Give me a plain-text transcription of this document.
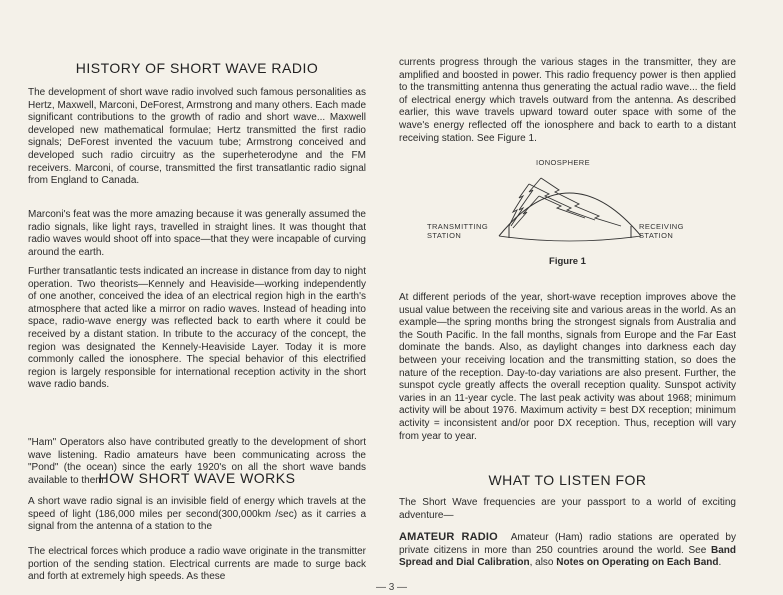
HISTORY OF SHORT WAVE RADIO

The development of short wave radio involved such famous personalities as Hertz, Maxwell, Marconi, DeForest, Armstrong and many others. Each made significant contributions to the growth of radio and short wave... Maxwell developed new mathematical formulae; Hertz transmitted the first radio signals; DeForest invented the vacuum tube; Armstrong conceived and developed such radio circuitry as the superheterodyne and the FM receivers. Marconi, of course, transmitted the first transatlantic radio signal from England to Canada.

Marconi's feat was the more amazing because it was generally assumed the radio signals, like light rays, travelled in straight lines. It was thought that radio waves would shoot off into space—that they were incapable of curving around the earth.

Further transatlantic tests indicated an increase in distance from day to night operation. Two theorists—Kennely and Heaviside—working independently of one another, conceived the idea of an electrical region high in the earth's atmosphere that acted like a mirror on radio waves. Instead of heading into space, radio-wave energy was reflected back to earth where it could be received by a distant station. In tribute to the accuracy of the concept, the region was designated the Kennely-Heaviside Layer. Today it is more commonly called the ionosphere. The special behavior of this electrified region is largely responsible for international reception activity in the short wave radio bands.

"Ham" Operators also have contributed greatly to the development of short wave listening. Radio amateurs have been communicating across the "Pond" (the ocean) since the early 1920's on all the short wave bands available to them.

HOW SHORT WAVE WORKS

A short wave radio signal is an invisible field of energy which travels at the speed of light (186,000 miles per second(300,000km /sec) as it carries a signal from the antenna of a station to the

The electrical forces which produce a radio wave originate in the transmitter portion of the sending station. Electrical currents are made to surge back and forth at extremely high speeds. As these

currents progress through the various stages in the transmitter, they are amplified and boosted in power. This radio frequency power is then applied to the transmitting antenna thus generating the actual radio wave... the field of electrical energy which travels outward from the antenna. As described earlier, this wave travels upward toward outer space with some of the wave's energy reflected off the ionosphere and back to earth to a distant receiving station. See Figure 1.

IONOSPHERE
TRANSMITTING
STATION
RECEIVING
STATION
Figure 1

At different periods of the year, short-wave reception improves above the usual value between the receiving site and various areas in the world. As an example—the spring months bring the strongest signals from Australia and the South Pacific. In the fall months, signals from Europe and the Far East dominate the bands. Also, as daylight changes into darkness each day between your receiving location and the transmitting station, so does the nature of the reception. Day-to-day variations are also present. Further, the sunspot cycle greatly affects the overall reception quality. Sunspot activity varies in an 11-year cycle. The last peak activity was about 1968; minimum activity will be about 1976. Maximum activity = best DX reception; minimum activity = inconsistent and/or poor DX reception. Thus, reception will vary from year to year.

WHAT TO LISTEN FOR

The Short Wave frequencies are your passport to a world of exciting adventure—

AMATEUR RADIO Amateur (Ham) radio stations are operated by private citizens in more than 250 countries around the world. See Band Spread and Dial Calibration, also Notes on Operating on Each Band.

— 3 —
